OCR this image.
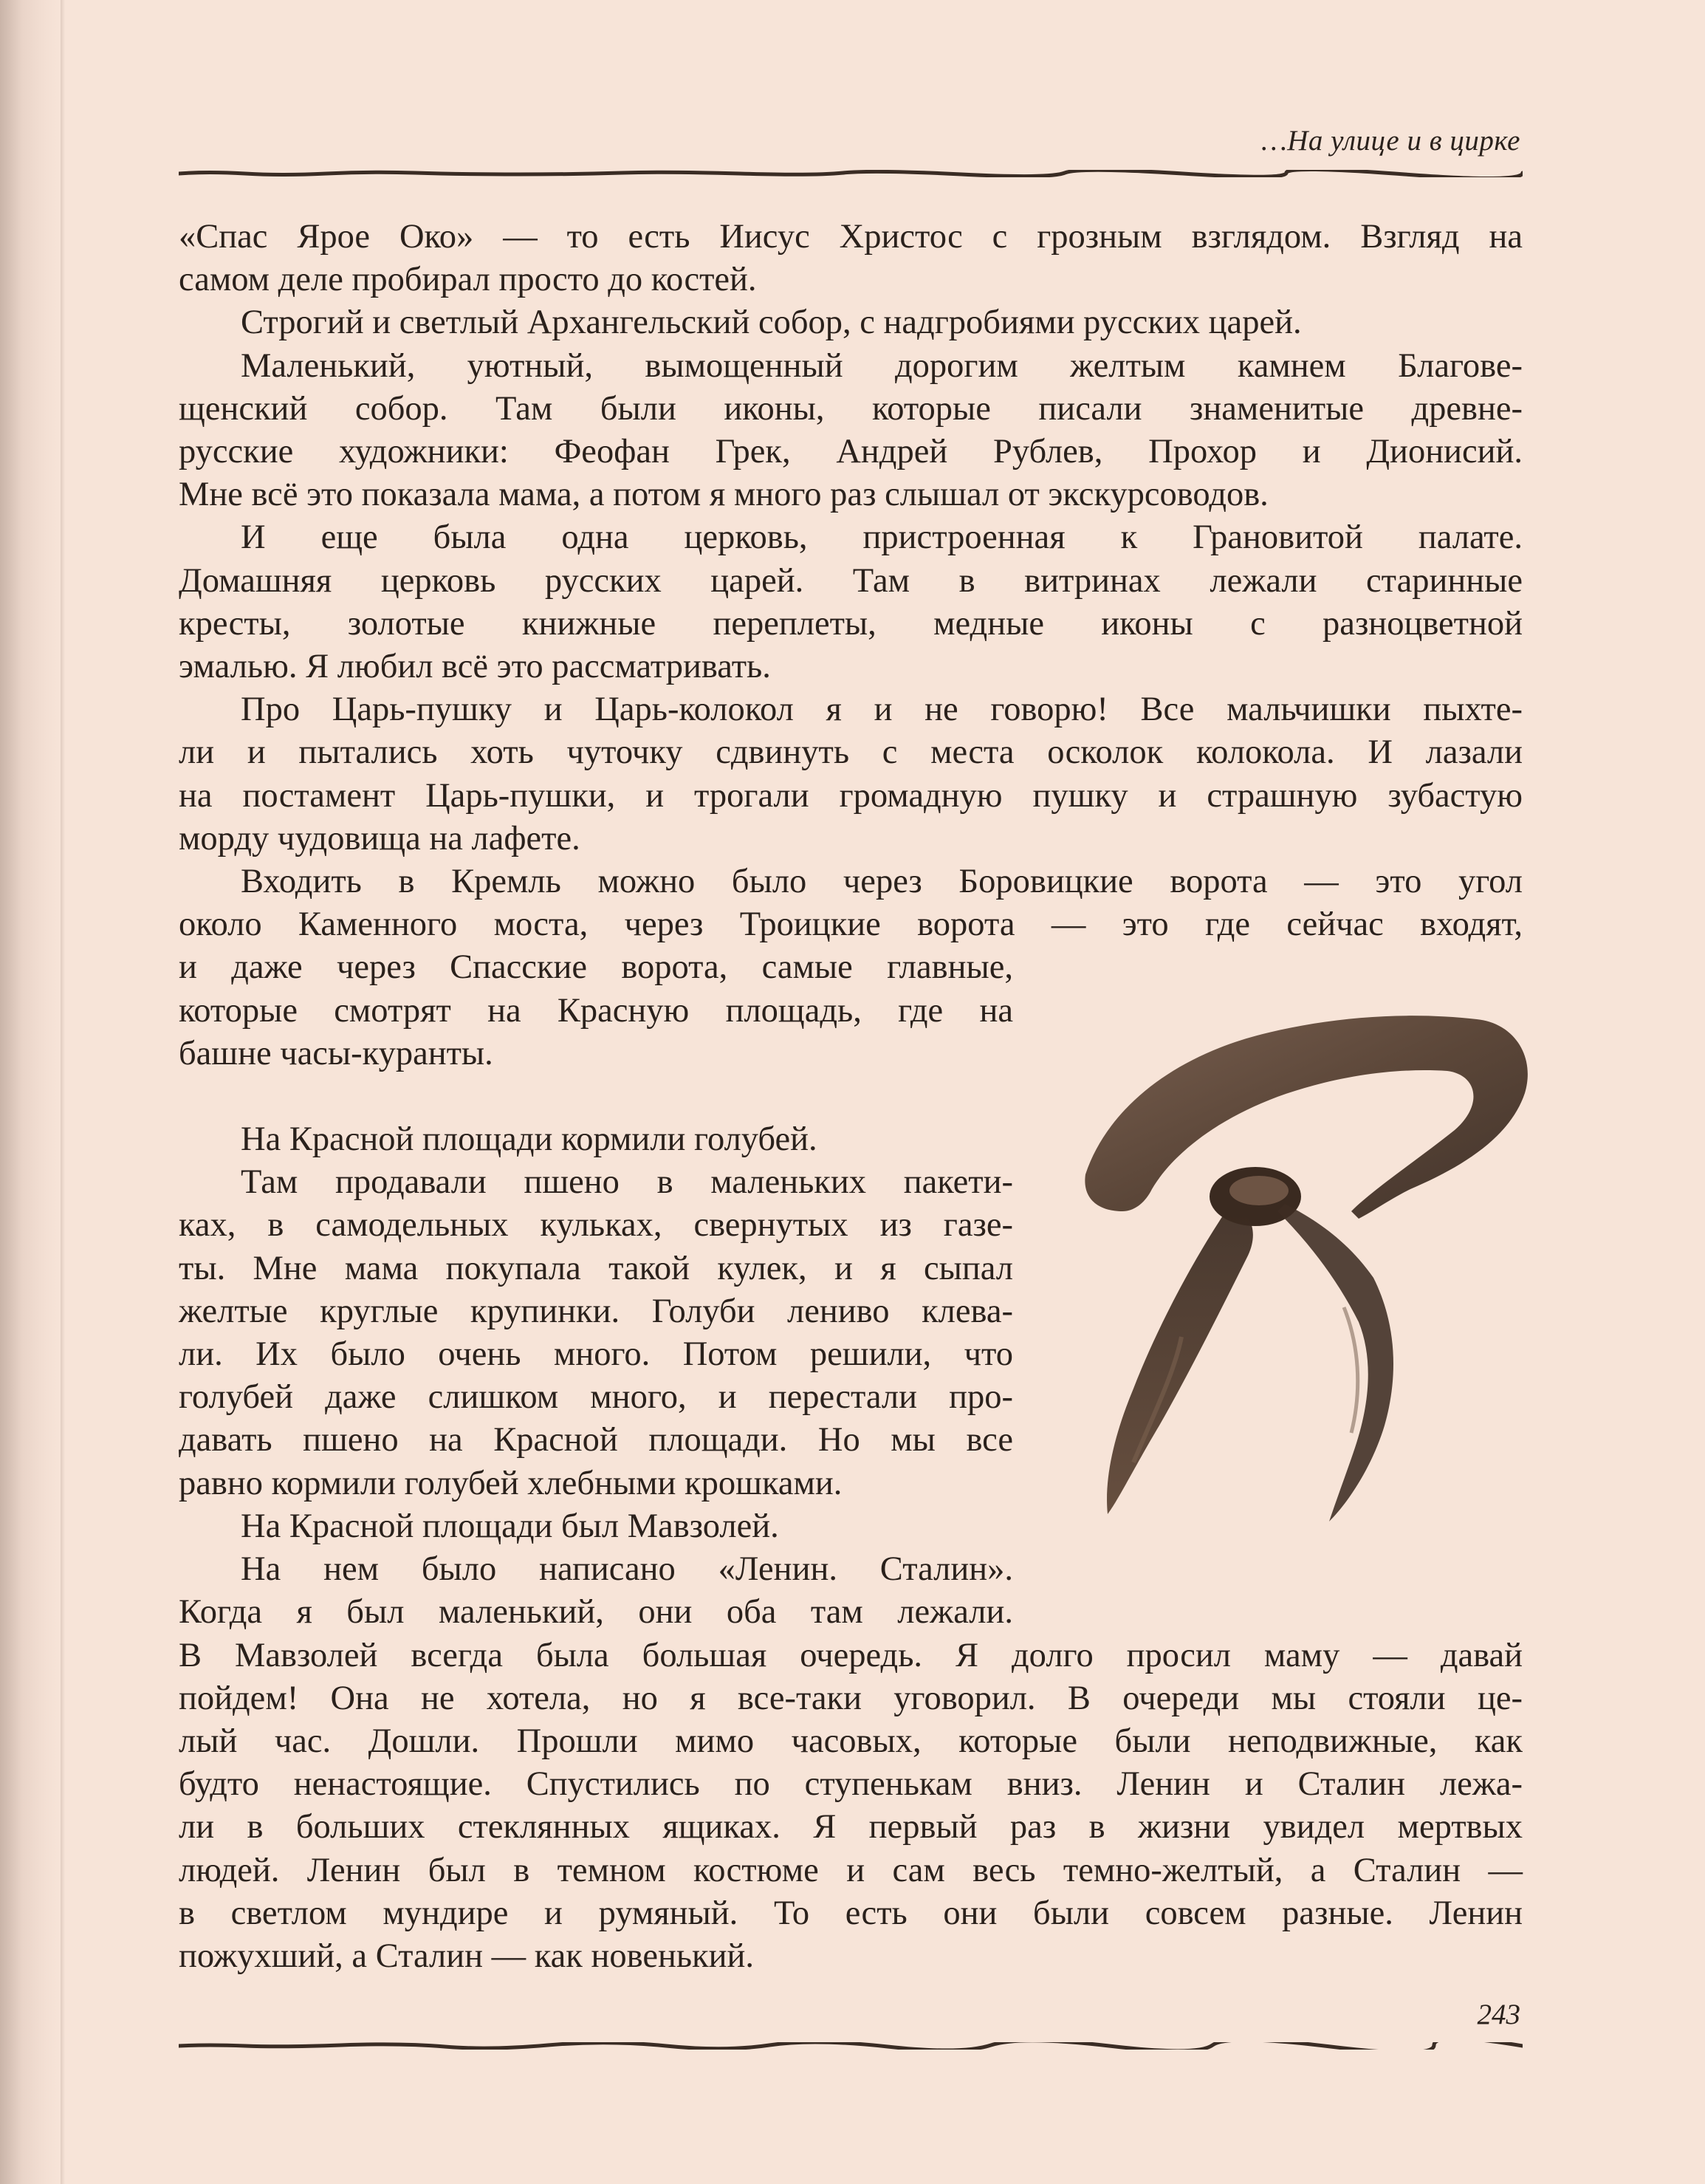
…На улице и в цирке

«Спас Ярое Око» — то есть Иисус Христос с грозным взглядом. Взгляд на

самом деле пробирал просто до костей.

Строгий и светлый Архангельский собор, с надгробиями русских царей.

Маленький, уютный, вымощенный дорогим желтым камнем Благове-

щенский собор. Там были иконы, которые писали знаменитые древне-

русские художники: Феофан Грек, Андрей Рублев, Прохор и Дионисий.

Мне всё это показала мама, а потом я много раз слышал от экскурсоводов.

И еще была одна церковь, пристроенная к Грановитой палате.

Домашняя церковь русских царей. Там в витринах лежали старинные

кресты, золотые книжные переплеты, медные иконы с разноцветной

эмалью. Я любил всё это рассматривать.

Про Царь-пушку и Царь-колокол я и не говорю! Все мальчишки пыхте-

ли и пытались хоть чуточку сдвинуть с места осколок колокола. И лазали

на постамент Царь-пушки, и трогали громадную пушку и страшную зубастую

морду чудовища на лафете.

Входить в Кремль можно было через Боровицкие ворота — это угол

около Каменного моста, через Троицкие ворота — это где сейчас входят,

и даже через Спасские ворота, самые главные,

которые смотрят на Красную площадь, где на

башне часы-куранты.

На Красной площади кормили голубей.

Там продавали пшено в маленьких пакети-

ках, в самодельных кульках, свернутых из газе-

ты. Мне мама покупала такой кулек, и я сыпал

желтые круглые крупинки. Голуби лениво клева-

ли. Их было очень много. Потом решили, что

голубей даже слишком много, и перестали про-

давать пшено на Красной площади. Но мы все

равно кормили голубей хлебными крошками.

На Красной площади был Мавзолей.

На нем было написано «Ленин. Сталин».

Когда я был маленький, они оба там лежали.

В Мавзолей всегда была большая очередь. Я долго просил маму — давай

пойдем! Она не хотела, но я все-таки уговорил. В очереди мы стояли це-

лый час. Дошли. Прошли мимо часовых, которые были неподвижные, как

будто ненастоящие. Спустились по ступенькам вниз. Ленин и Сталин лежа-

ли в больших стеклянных ящиках. Я первый раз в жизни увидел мертвых

людей. Ленин был в темном костюме и сам весь темно-желтый, а Сталин —

в светлом мундире и румяный. То есть они были совсем разные. Ленин

пожухший, а Сталин — как новенький.

243
